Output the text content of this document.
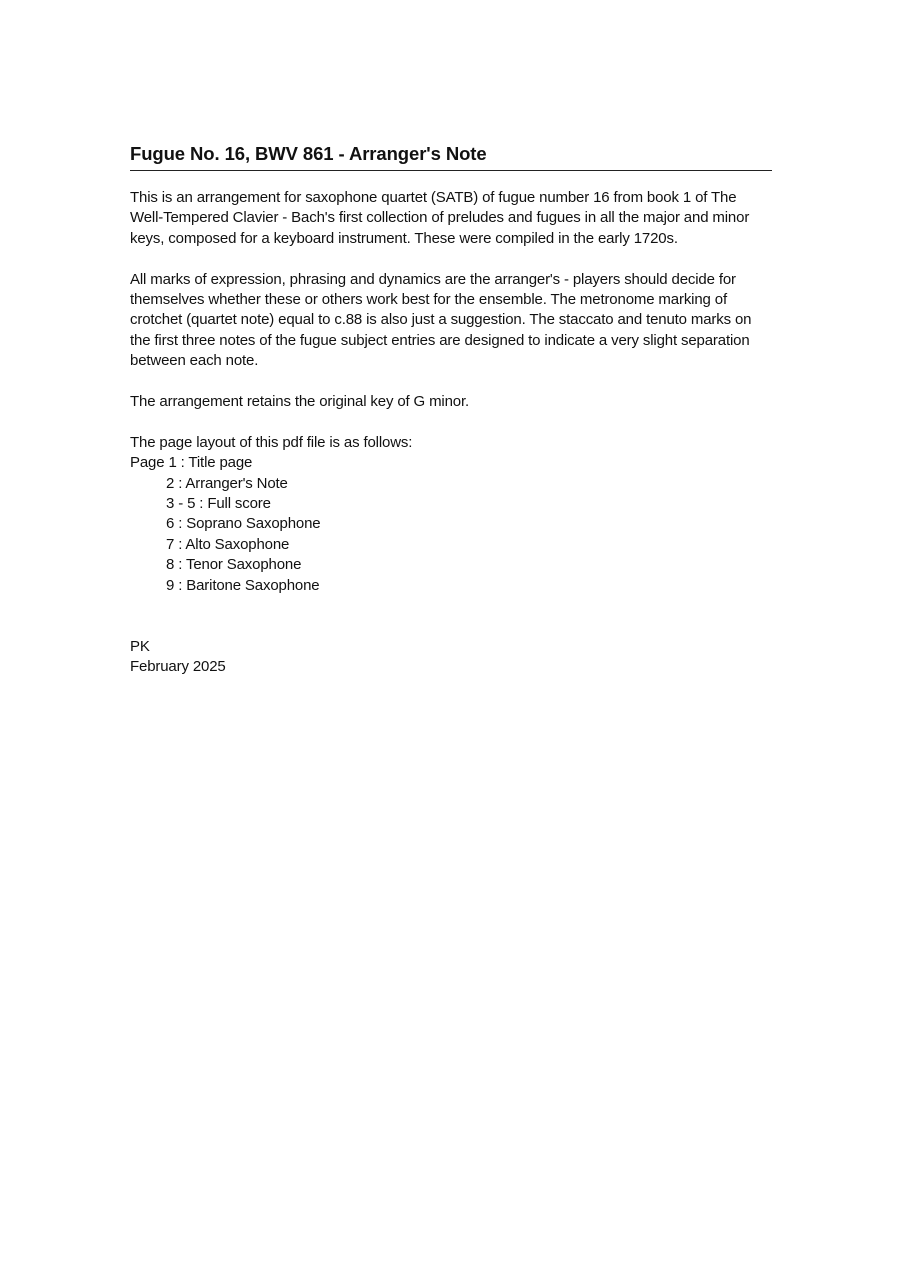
Fugue No. 16, BWV 861 - Arranger's Note

This is an arrangement for saxophone quartet (SATB) of fugue number 16 from book 1 of The Well-Tempered Clavier - Bach's first collection of preludes and fugues in all the major and minor keys, composed for a keyboard instrument. These were compiled in the early 1720s.

All marks of expression, phrasing and dynamics are the arranger's - players should decide for themselves whether these or others work best for the ensemble. The metronome marking of crotchet (quartet note) equal to c.88 is also just a suggestion. The staccato and tenuto marks on the first three notes of the fugue subject entries are designed to indicate a very slight separation between each note.

The arrangement retains the original key of G minor.

The page layout of this pdf file is as follows:

Page 1 : Title page

2 : Arranger's Note

3 - 5 : Full score

6 : Soprano Saxophone

7 : Alto Saxophone

8 : Tenor Saxophone

9 : Baritone Saxophone

PK

February 2025
